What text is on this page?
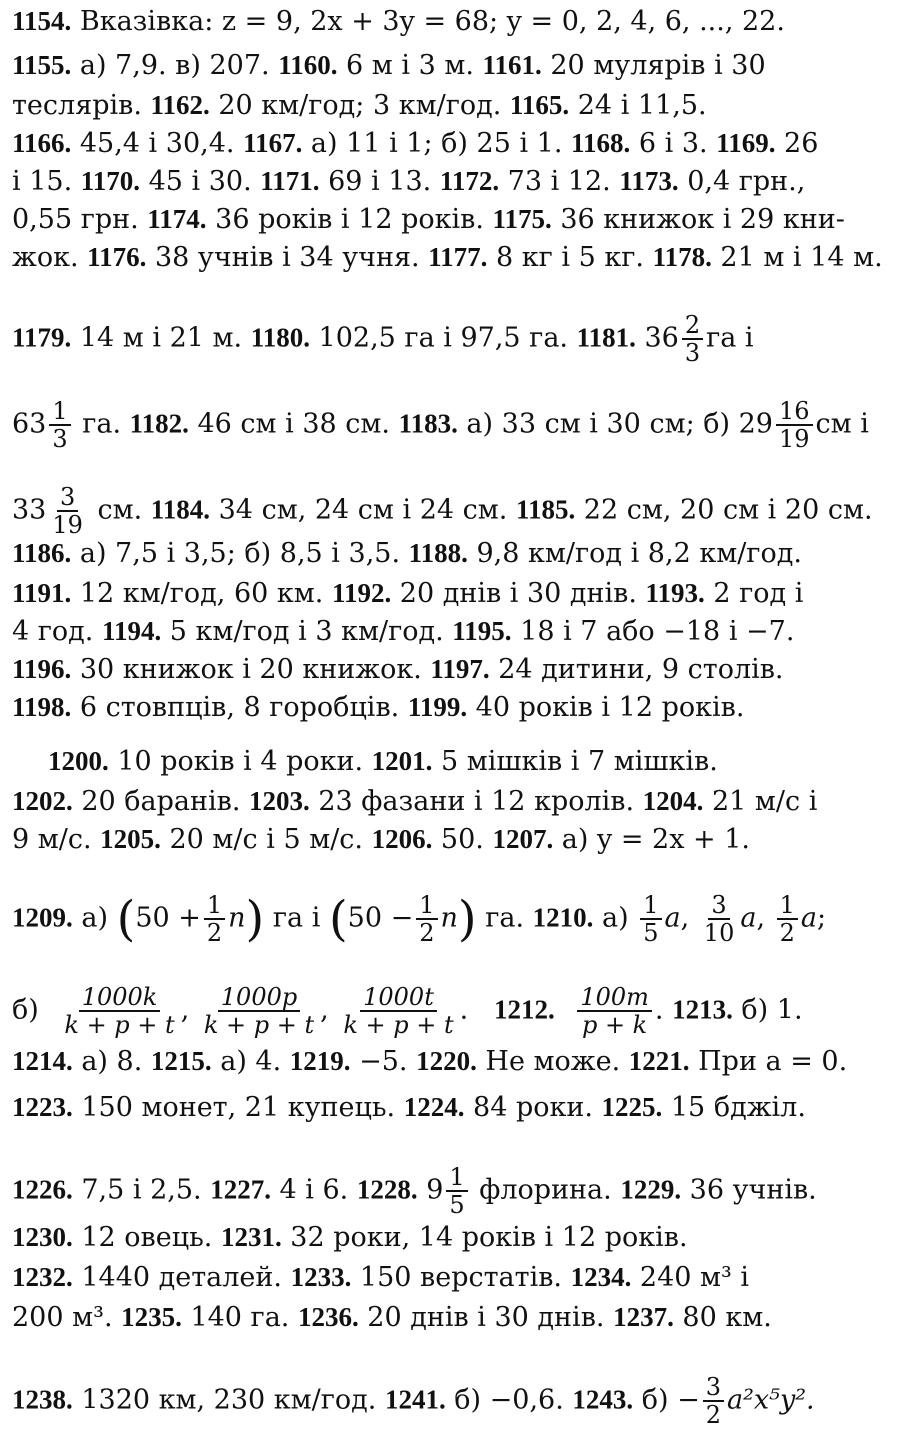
1154. Вказівка: z = 9, 2x + 3y = 68; y = 0, 2, 4, 6, ..., 22.
1155. а) 7,9. в) 207. 1160. 6 м і 3 м. 1161. 20 мулярів і 30
теслярів. 1162. 20 км/год; 3 км/год. 1165. 24 і 11,5.
1166. 45,4 і 30,4. 1167. а) 11 і 1; б) 25 і 1. 1168. 6 і 3. 1169. 26
і 15. 1170. 45 і 30. 1171. 69 і 13. 1172. 73 і 12. 1173. 0,4 грн.,
0,55 грн. 1174. 36 років і 12 років. 1175. 36 книжок і 29 кни-
жок. 1176. 38 учнів і 34 учня. 1177. 8 кг і 5 кг. 1178. 21 м і 14 м.
1179. 14 м і 21 м. 1180. 102,5 га і 97,5 га. 1181. $36 \frac{2}{3}$ га і
$63 \frac{1}{3}$ га. 1182. 46 см і 38 см. 1183. а) 33 см і 30 см; б) $29 \frac{16}{19}$ см і
$33 \frac{3}{19}$ см. 1184. 34 см, 24 см і 24 см. 1185. 22 см, 20 см і 20 см.
1186. а) 7,5 і 3,5; б) 8,5 і 3,5. 1188. 9,8 км/год і 8,2 км/год.
1191. 12 км/год, 60 км. 1192. 20 днів і 30 днів. 1193. 2 год і
4 год. 1194. 5 км/год і 3 км/год. 1195. 18 і 7 або −18 і −7.
1196. 30 книжок і 20 книжок. 1197. 24 дитини, 9 столів.
1198. 6 стовпців, 8 горобців. 1199. 40 років і 12 років.
1200. 10 років і 4 роки. 1201. 5 мішків і 7 мішків.
1202. 20 баранів. 1203. 23 фазани і 12 кролів. 1204. 21 м/с і
9 м/с. 1205. 20 м/с і 5 м/с. 1206. 50. 1207. а) y = 2x + 1.
1209. а) $(50 + \frac{1}{2} n)$ га і $(50 - \frac{1}{2} n)$ га. 1210. $а) \frac{1}{5} a$, $\frac{3}{10} a$, $\frac{1}{2} a$;
$б) \frac{1000k}{k + p + t}$ , $\frac{1000p}{k + p + t}$ , $\frac{1000t}{k + p + t}$ .   1212. $\frac{100m}{p + k}$ . 1213. б) 1.
1214. а) 8. 1215. а) 4. 1219. −5. 1220. Не може. 1221. При a = 0.
1223. 150 монет, 21 купець. 1224. 84 роки. 1225. 15 бджіл.
1226. 7,5 і 2,5. 1227. 4 і 6. 1228. $9 \frac{1}{5}$ флорина. 1229. 36 учнів.
1230. 12 овець. 1231. 32 роки, 14 років і 12 років.
1232. 1440 деталей. 1233. 150 верстатів. 1234. 240 м³ і
200 м³. 1235. 140 га. 1236. 20 днів і 30 днів. 1237. 80 км.
1238. 1320 км, 230 км/год. 1241. б) −0,6. 1243. $б) - \frac{3}{2} a^2x^5y^2$.
